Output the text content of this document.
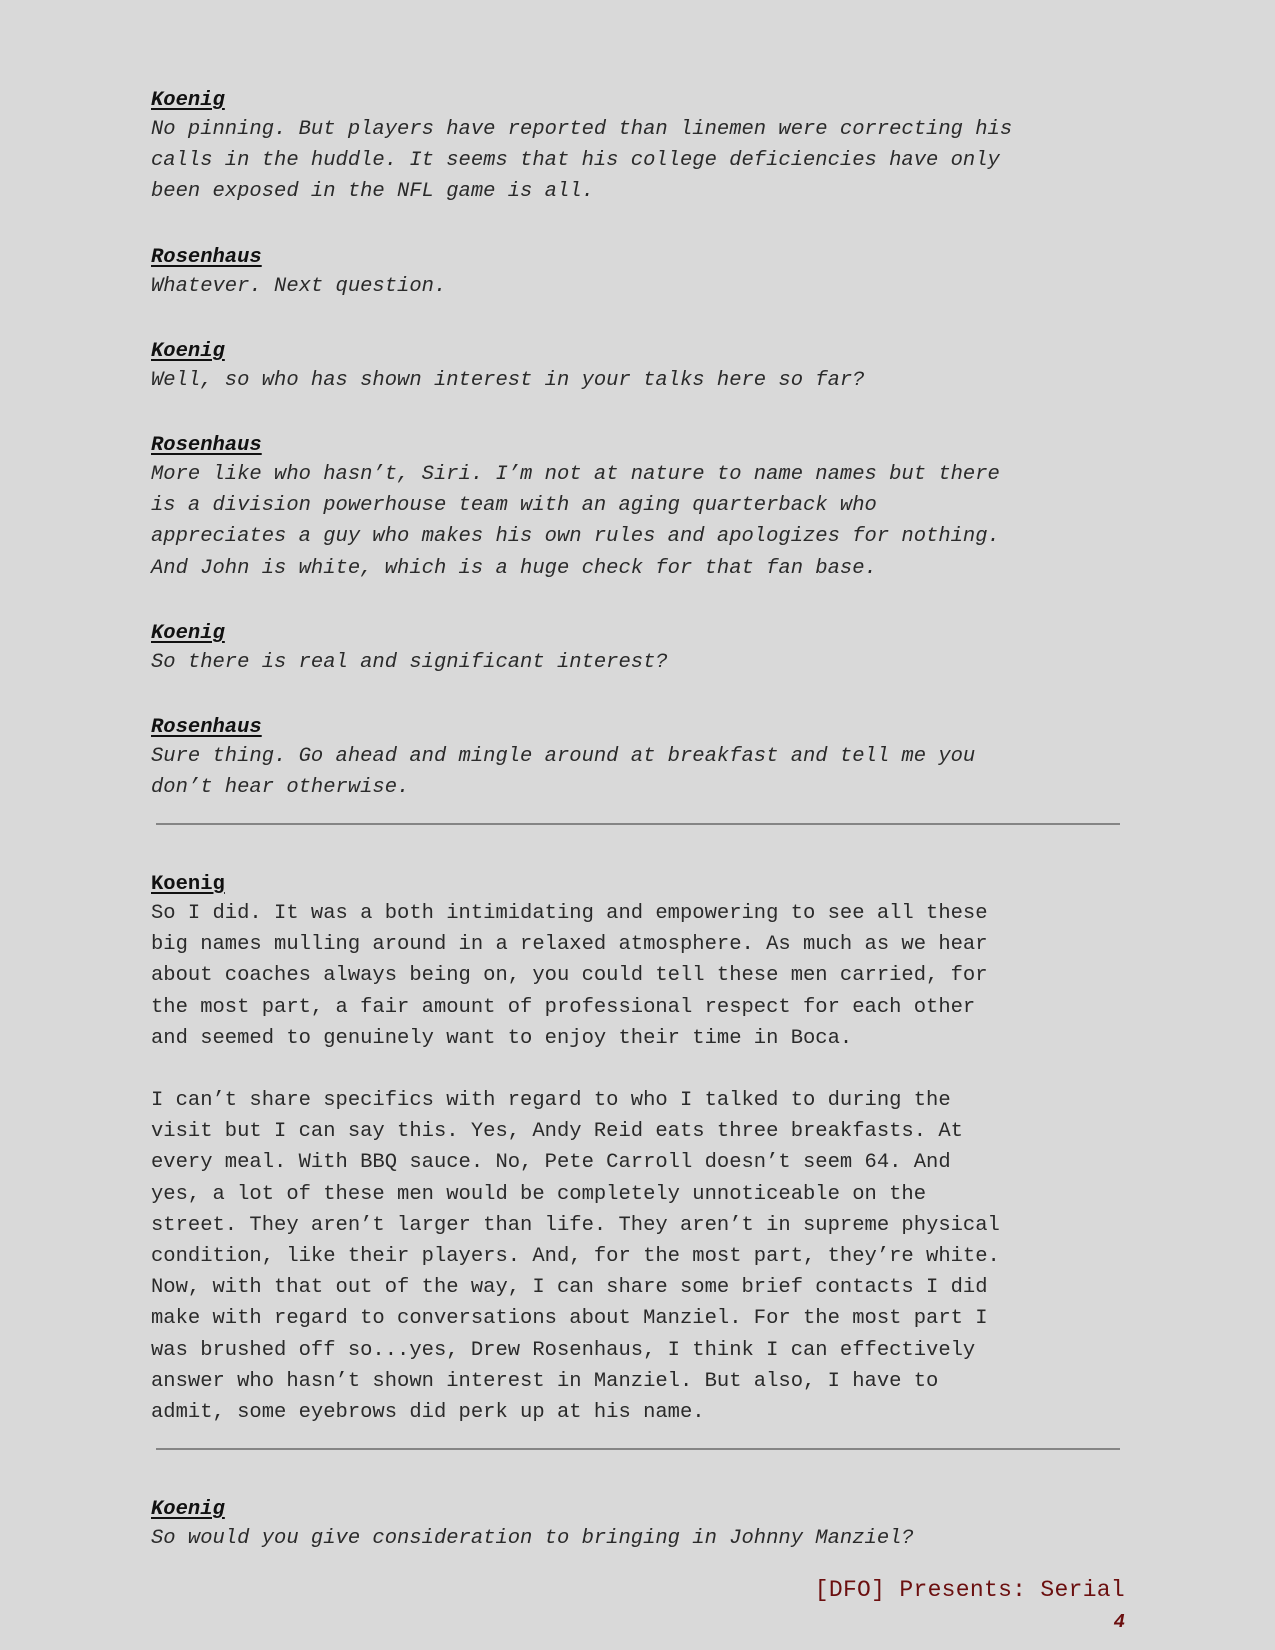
Koenig

No pinning. But players have reported than linemen were correcting his

calls in the huddle. It seems that his college deficiencies have only

been exposed in the NFL game is all.

Rosenhaus

Whatever. Next question.

Koenig

Well, so who has shown interest in your talks here so far?

Rosenhaus

More like who hasn’t, Siri. I’m not at nature to name names but there

is a division powerhouse team with an aging quarterback who

appreciates a guy who makes his own rules and apologizes for nothing.

And John is white, which is a huge check for that fan base.

Koenig

So there is real and significant interest?

Rosenhaus

Sure thing. Go ahead and mingle around at breakfast and tell me you

don’t hear otherwise.

Koenig

So I did. It was a both intimidating and empowering to see all these

big names mulling around in a relaxed atmosphere. As much as we hear

about coaches always being on, you could tell these men carried, for

the most part, a fair amount of professional respect for each other

and seemed to genuinely want to enjoy their time in Boca.

I can’t share specifics with regard to who I talked to during the

visit but I can say this. Yes, Andy Reid eats three breakfasts. At

every meal. With BBQ sauce. No, Pete Carroll doesn’t seem 64. And

yes, a lot of these men would be completely unnoticeable on the

street. They aren’t larger than life. They aren’t in supreme physical

condition, like their players. And, for the most part, they’re white.

Now, with that out of the way, I can share some brief contacts I did

make with regard to conversations about Manziel. For the most part I

was brushed off so...yes, Drew Rosenhaus, I think I can effectively

answer who hasn’t shown interest in Manziel. But also, I have to

admit, some eyebrows did perk up at his name.

Koenig

So would you give consideration to bringing in Johnny Manziel?

[DFO] Presents: Serial
4
